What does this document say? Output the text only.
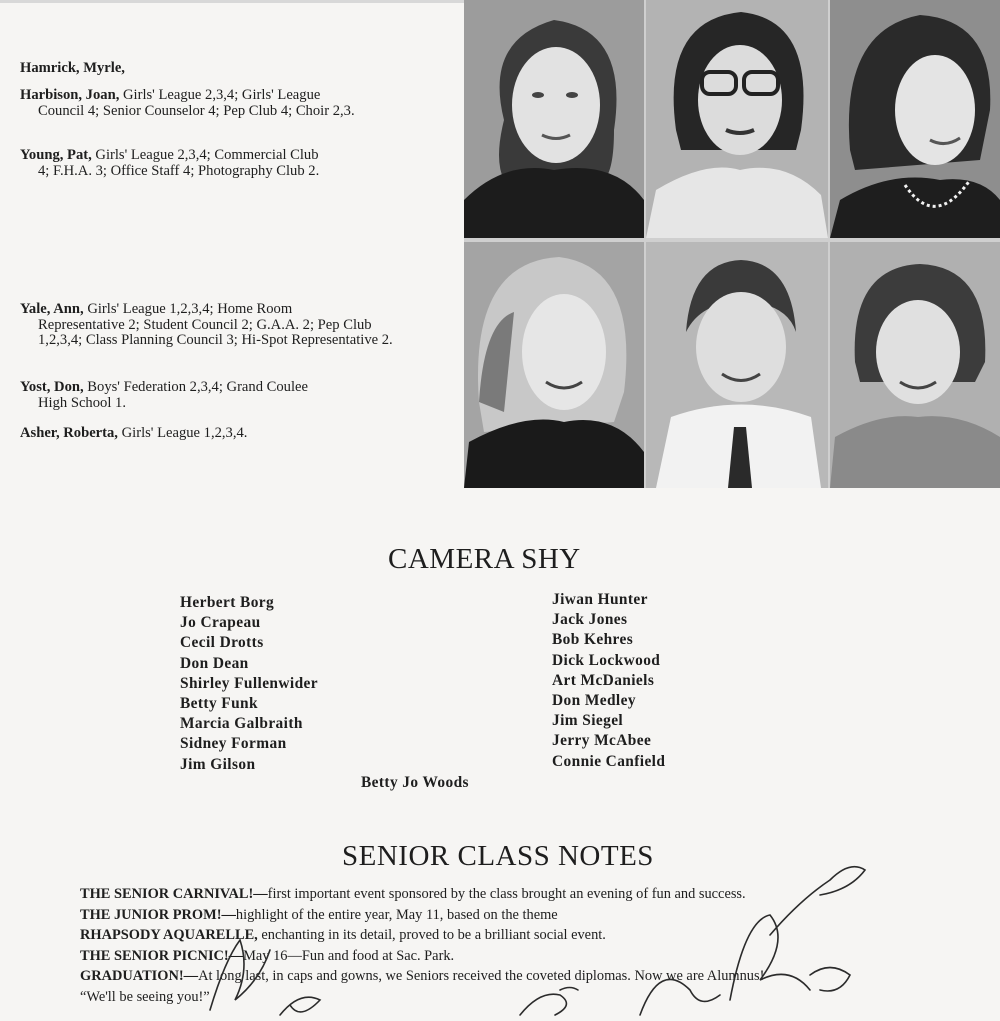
Hamrick, Myrle,
Harbison, Joan, Girls' League 2,3,4; Girls' League
Council 4; Senior Counselor 4; Pep Club 4; Choir 2,3.
Young, Pat, Girls' League 2,3,4; Commercial Club
4; F.H.A. 3; Office Staff 4; Photography Club 2.
Yale, Ann, Girls' League 1,2,3,4; Home Room
Representative 2; Student Council 2; G.A.A. 2; Pep Club 1,2,3,4; Class Planning Council 3; Hi-Spot Representative 2.
Yost, Don, Boys' Federation 2,3,4; Grand Coulee
High School 1.
Asher, Roberta, Girls' League 1,2,3,4.
CAMERA SHY
Herbert Borg
Jo Crapeau
Cecil Drotts
Don Dean
Shirley Fullenwider
Betty Funk
Marcia Galbraith
Sidney Forman
Jim Gilson
Jiwan Hunter
Jack Jones
Bob Kehres
Dick Lockwood
Art McDaniels
Don Medley
Jim Siegel
Jerry McAbee
Connie Canfield
Betty Jo Woods
SENIOR CLASS NOTES
THE SENIOR CARNIVAL!—first important event sponsored by the class brought an evening of fun and success.
THE JUNIOR PROM!—highlight of the entire year, May 11, based on the theme
RHAPSODY AQUARELLE, enchanting in its detail, proved to be a brilliant social event.
THE SENIOR PICNIC!—May 16—Fun and food at Sac. Park.
GRADUATION!—At long last, in caps and gowns, we Seniors received the coveted diplomas. Now we are Alumnus!
“We'll be seeing you!”
